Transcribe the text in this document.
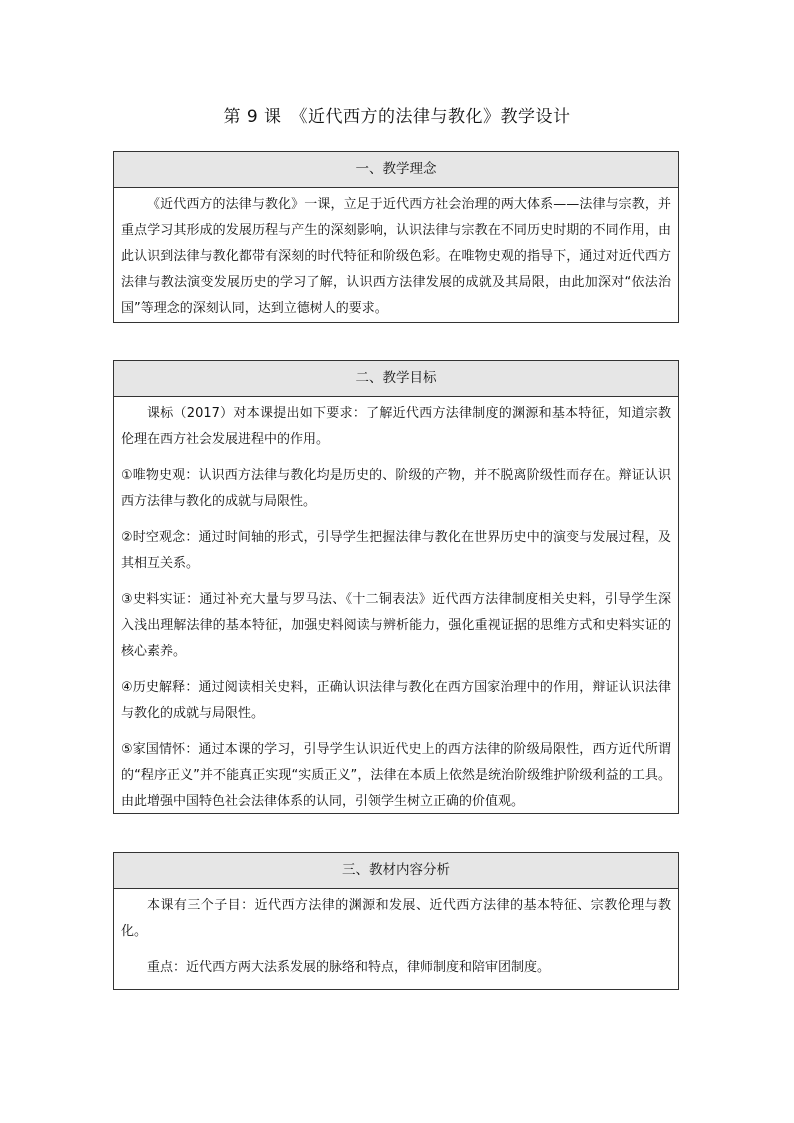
第 9 课　《近代西方的法律与教化》教学设计
一、教学理念

《近代西方的法律与教化》一课，立足于近代西方社会治理的两大体系——法律与宗教，并重点学习其形成的发展历程与产生的深刻影响，认识法律与宗教在不同历史时期的不同作用，由此认识到法律与教化都带有深刻的时代特征和阶级色彩。在唯物史观的指导下，通过对近代西方法律与教法演变发展历史的学习了解，认识西方法律发展的成就及其局限，由此加深对“依法治国”等理念的深刻认同，达到立德树人的要求。

二、教学目标

课标（2017）对本课提出如下要求：了解近代西方法律制度的渊源和基本特征，知道宗教伦理在西方社会发展进程中的作用。

①唯物史观：认识西方法律与教化均是历史的、阶级的产物，并不脱离阶级性而存在。辩证认识西方法律与教化的成就与局限性。

②时空观念：通过时间轴的形式，引导学生把握法律与教化在世界历史中的演变与发展过程，及其相互关系。

③史料实证：通过补充大量与罗马法、《十二铜表法》近代西方法律制度相关史料，引导学生深入浅出理解法律的基本特征，加强史料阅读与辨析能力，强化重视证据的思维方式和史料实证的核心素养。

④历史解释：通过阅读相关史料，正确认识法律与教化在西方国家治理中的作用，辩证认识法律与教化的成就与局限性。

⑤家国情怀：通过本课的学习，引导学生认识近代史上的西方法律的阶级局限性，西方近代所谓的“程序正义”并不能真正实现“实质正义”，法律在本质上依然是统治阶级维护阶级利益的工具。由此增强中国特色社会法律体系的认同，引领学生树立正确的价值观。

三、教材内容分析

本课有三个子目：近代西方法律的渊源和发展、近代西方法律的基本特征、宗教伦理与教化。

重点：近代西方两大法系发展的脉络和特点，律师制度和陪审团制度。
